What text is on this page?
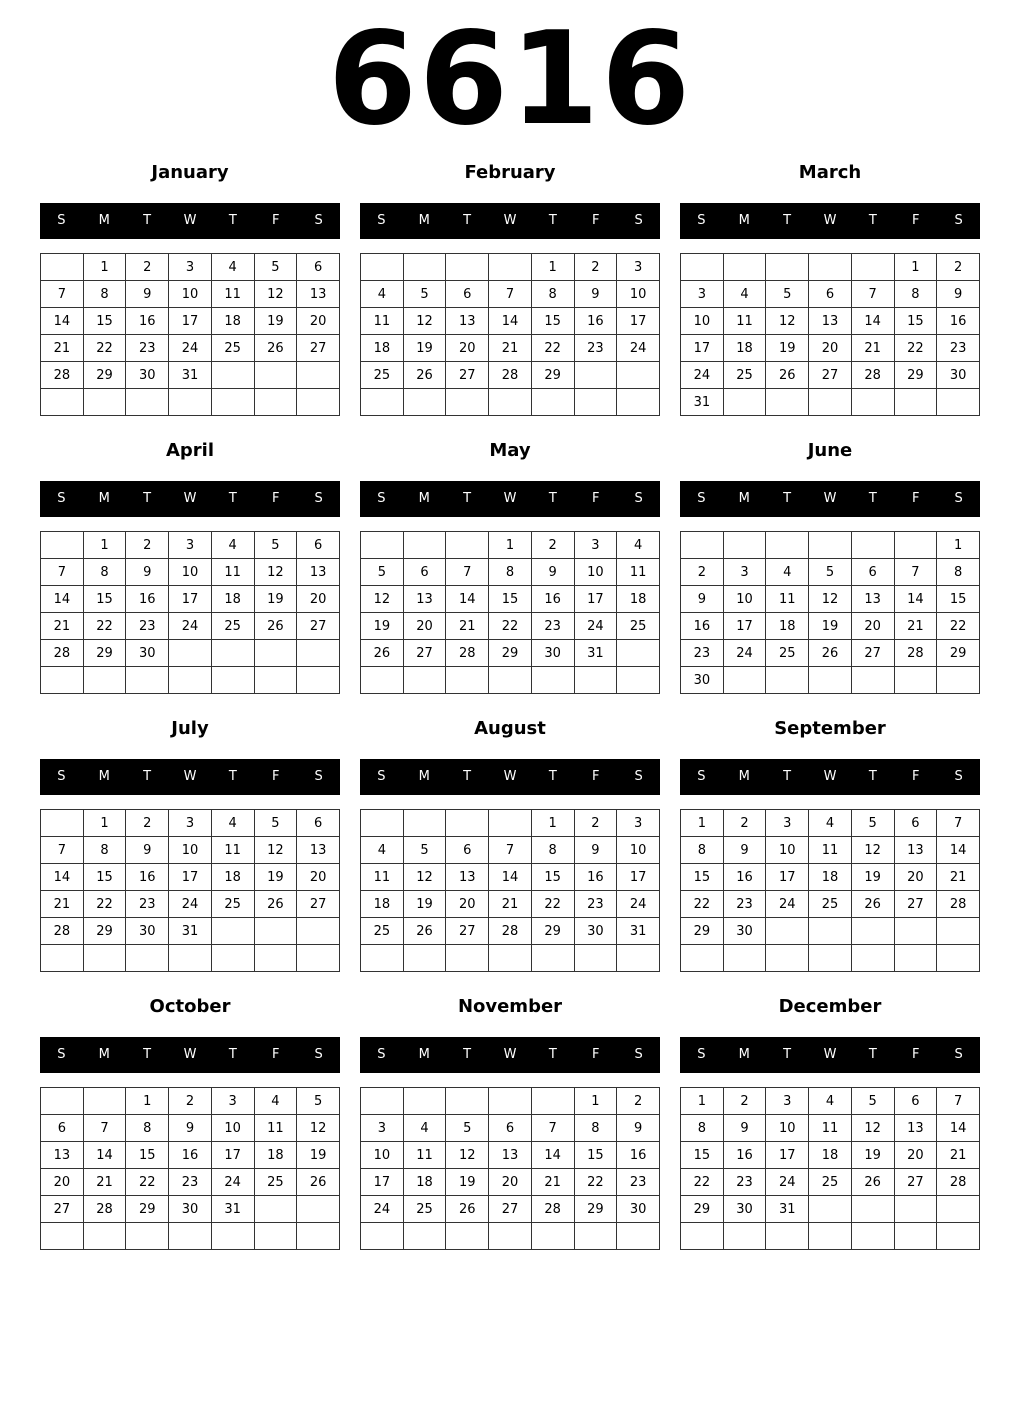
6616
January
S	M	T	W	T	F	S
	1	2	3	4	5	6
7	8	9	10	11	12	13
14	15	16	17	18	19	20
21	22	23	24	25	26	27
28	29	30	31			

February
S	M	T	W	T	F	S
				1	2	3
4	5	6	7	8	9	10
11	12	13	14	15	16	17
18	19	20	21	22	23	24
25	26	27	28	29		

March
S	M	T	W	T	F	S
					1	2
3	4	5	6	7	8	9
10	11	12	13	14	15	16
17	18	19	20	21	22	23
24	25	26	27	28	29	30
31						
April
S	M	T	W	T	F	S
	1	2	3	4	5	6
7	8	9	10	11	12	13
14	15	16	17	18	19	20
21	22	23	24	25	26	27
28	29	30				

May
S	M	T	W	T	F	S
			1	2	3	4
5	6	7	8	9	10	11
12	13	14	15	16	17	18
19	20	21	22	23	24	25
26	27	28	29	30	31	

June
S	M	T	W	T	F	S
						1
2	3	4	5	6	7	8
9	10	11	12	13	14	15
16	17	18	19	20	21	22
23	24	25	26	27	28	29
30						
July
S	M	T	W	T	F	S
	1	2	3	4	5	6
7	8	9	10	11	12	13
14	15	16	17	18	19	20
21	22	23	24	25	26	27
28	29	30	31			

August
S	M	T	W	T	F	S
				1	2	3
4	5	6	7	8	9	10
11	12	13	14	15	16	17
18	19	20	21	22	23	24
25	26	27	28	29	30	31

September
S	M	T	W	T	F	S
1	2	3	4	5	6	7
8	9	10	11	12	13	14
15	16	17	18	19	20	21
22	23	24	25	26	27	28
29	30					

October
S	M	T	W	T	F	S
		1	2	3	4	5
6	7	8	9	10	11	12
13	14	15	16	17	18	19
20	21	22	23	24	25	26
27	28	29	30	31		

November
S	M	T	W	T	F	S
					1	2
3	4	5	6	7	8	9
10	11	12	13	14	15	16
17	18	19	20	21	22	23
24	25	26	27	28	29	30

December
S	M	T	W	T	F	S
1	2	3	4	5	6	7
8	9	10	11	12	13	14
15	16	17	18	19	20	21
22	23	24	25	26	27	28
29	30	31				
